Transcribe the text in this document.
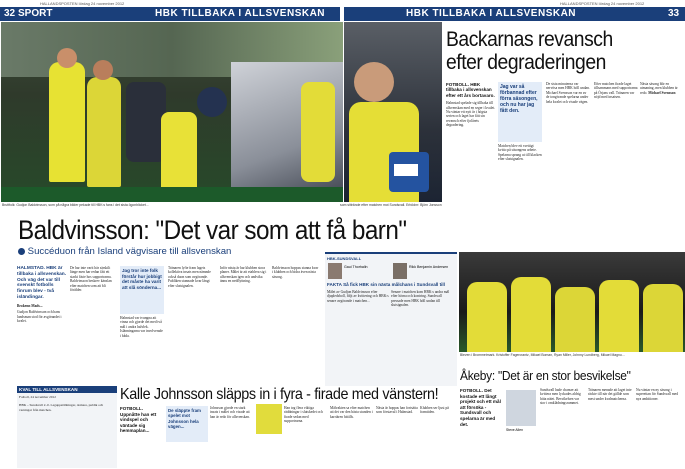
HALLANDSPOSTEN lördag 24 november 2012	HALLANDSPOSTEN lördag 24 november 2012
32 SPORT	HBK TILLBAKA I ALLSVENSKAN	HBK TILLBAKA I ALLSVENSKAN	33
Backarnas revansch
efter degraderingen
FOTBOLL. HBK tillbaka i allsvenskan efter ett års bortavaro.
Halmstad spelade sig tillbaka till allsvenskan med en seger i kvalet. Nu väntar ett nytt år i högsta serien och laget har fått sin revansch efter fjolårets degradering.
Jag var så förbannad efter förra säsongen, och nu har jag fått den.
Matchen blev ett svettigt kvitto på säsongens arbete. Spelarna sprang ut till klacken efter slutsignalen.
De sista minuterna var nervösa men HBK höll undan. Michael Svensson var en av de tongivande spelarna under hela kvalet och visade vägen.
Efter matchen firade laget tillsammans med supportrarna på Örjans vall. Tränaren var nöjd med insatsen.
Nästa säsong blir en utmaning, men klubben är redo. Michael Svensson
Bruttfolk: Gudjon Baldvinsson, som på några bilder pekade till HBK:s fans i det sista ögonblicket...	som sittrände efter matchen mot Sundsvall. Erbödnr: Björn Jonsson
Baldvinsson: "Det var som att få barn"
Succéduon från Island vägvisare till allsvenskan
HALMSTAD. HBK är tillbaka i allsvenskan. Och väg det var till svenskt fotbolls finrum blev - två isländingar.
Brokenn Mads...
Gudjon Baldvinsson och hans landsman stod för avgörandet i kvalet.
De har inte varit här särskilt länge men har redan fått ett starkt fäste hos supportrarna. Baldvinsson beskrev känslan efter matchen som att bli förälder.
Jag tror inte folk förstår hur jobbigt det måste ha varit att slå sönderna...
Halmstad var tvungna att vinna och gjorde det med två mål i andra halvlek. Islänningarna var involverade i båda.
Tränaren lyfte fram lagets kollektiva insats men nämnde också duon som avgörande. Publiken stannade kvar långt efter slutsignalen.
Inför nästa år har klubben stora planer. Målet är att etablera sig i allsvenskan igen och undvika ännu en nedflyttning.
Baldvinsson hoppas stanna kvar i klubben och bidra även nästa säsong.
HBK-SUNDSVALL
Gaui Thorhalln	Rikk Benjamin Andersen
FAKTA Så fick HBK sin nästa målchans i Sundsvall till
Målet av Gudjon Baldvinsson efter djupledsboll, följt av kvittering och HBK:s senare avgörande i matchen...
Senare i matchen kom HBK:s andra mål efter hörna och kontring. Sundsvall pressade men HBK höll undan till slutsignalen.
Bleven i Brommetmark. Kristoffer Fagercrantz, Mikael Boman, Ryan Miller, Johnny Lundberg, Mikael Magnu...
Åkeby: "Det är en stor besvikelse"
FOTBOLL. Det kostade ett långt projekt och ett mål att försöka - Sundsvall och spelarna är med det.
Steve Allen
Sundsvall hade chanser att kvittera men lyckades aldrig hitta nätet. Besvikelsen var stor i omklädningsrummet.
Tränaren menade att laget inte räckte till när det gällde som mest under kvalmatcherna.
Nu väntar en ny säsong i superettan för Sundsvall med nya ambitioner.
KVAL TILL ALLSVENSKAN
Fotboll, 24 november 2012
HBK – Sundsvall 2–0. Laguppställningar, domare, publik och varningar från matchen.
Kalle Johnsson släpps in i fyra - firade med vänstern!
FOTBOLL. Uppnåtte han ett vindspel och väntade sig hemmaplan...
De släppte fram spelet mot Johnsson hela vägen...
Johnsson gjorde en stark insats i målet och visade att han är redo för allsvenskan.
Han tog flera viktiga räddningar i slutskedet och firade sedan med supportrarna.
Målvakten sa efter matchen att det var den bästa stunden i karriären hittills.
Nästa år hoppas han fortsätta som förstaval i Halmstad.
Klubben ser ljust på framtiden.
